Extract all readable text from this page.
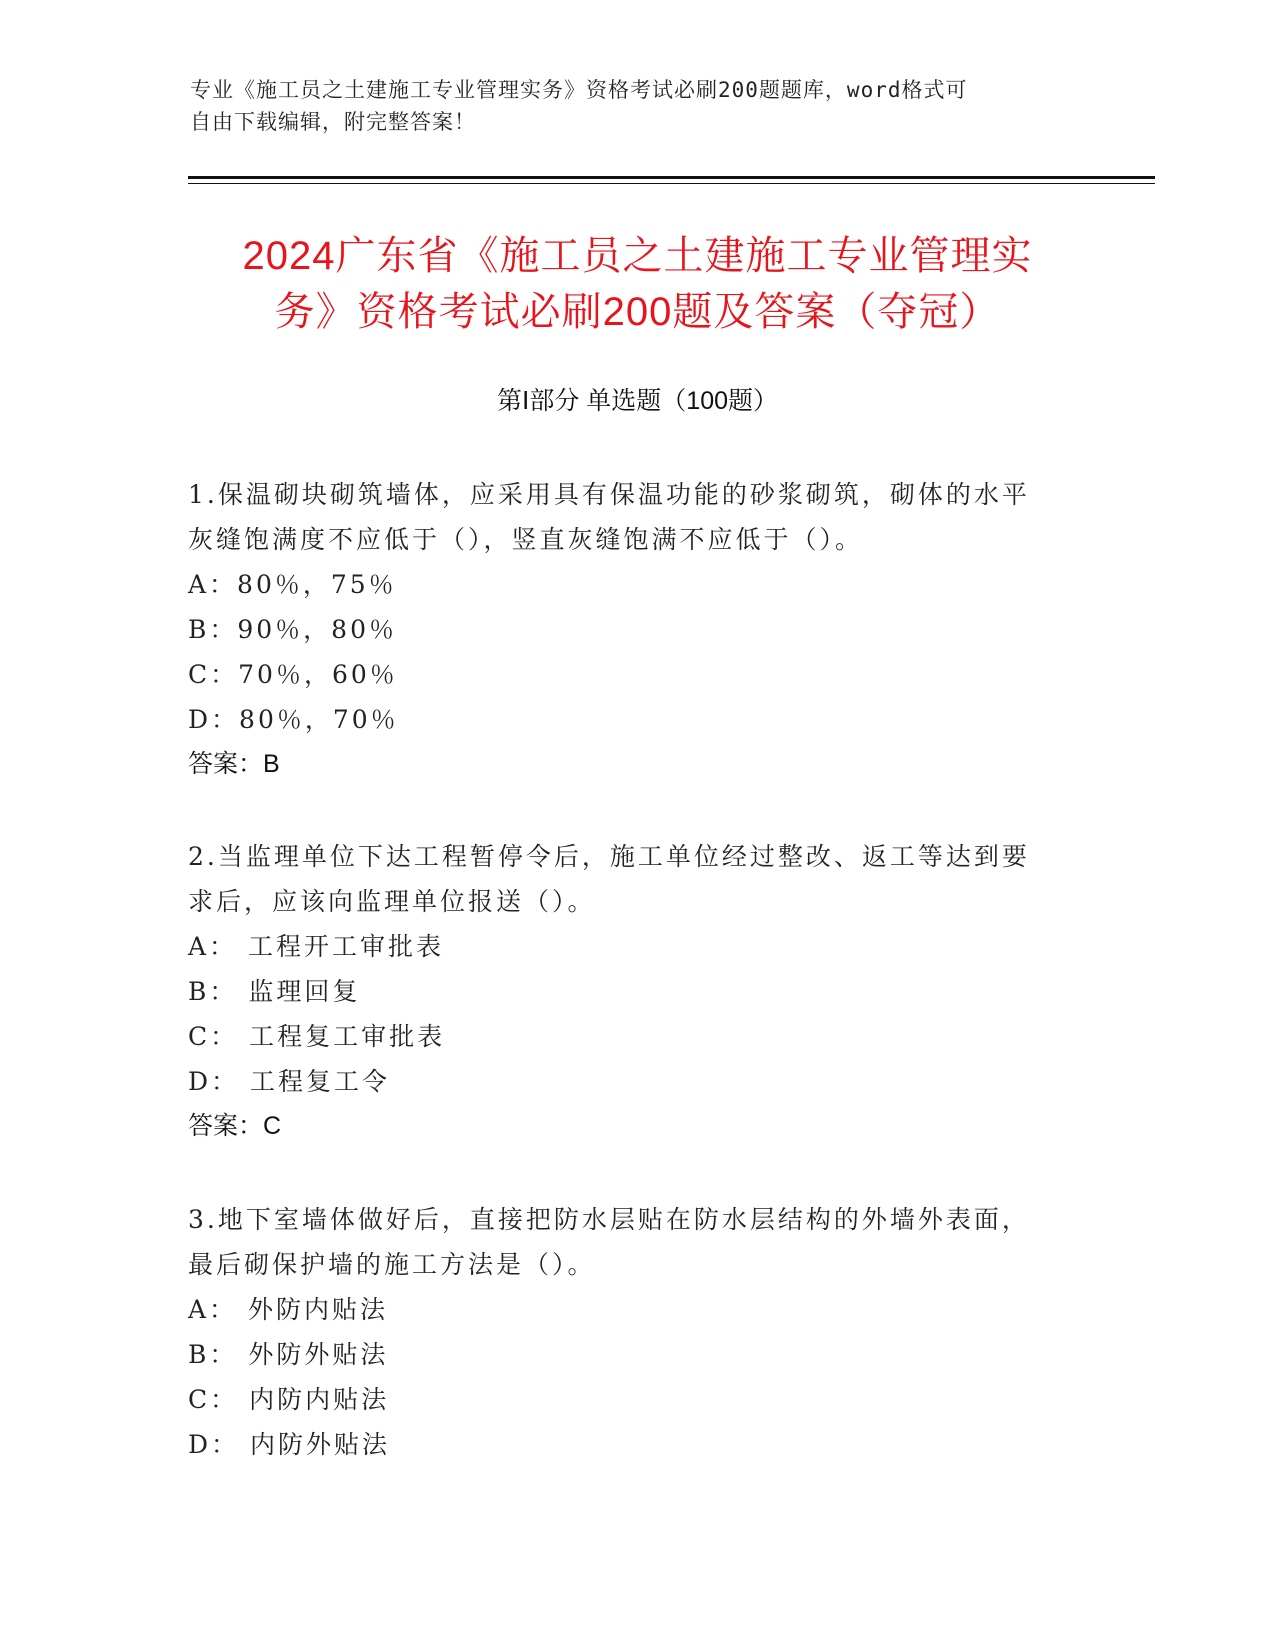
专业《施工员之土建施工专业管理实务》资格考试必刷200题题库，word格式可
自由下载编辑，附完整答案！
2024广东省《施工员之土建施工专业管理实
务》资格考试必刷200题及答案（夺冠）
第Ⅰ部分 单选题（100题）

1.保温砌块砌筑墙体，应采用具有保温功能的砂浆砌筑，砌体的水平

灰缝饱满度不应低于（），竖直灰缝饱满不应低于（）。

A：80％，75％

B：90％，80％

C：70％，60％

D：80％，70％

答案：B

2.当监理单位下达工程暂停令后，施工单位经过整改、返工等达到要

求后，应该向监理单位报送（）。

A： 工程开工审批表

B： 监理回复

C： 工程复工审批表

D： 工程复工令

答案：C

3.地下室墙体做好后，直接把防水层贴在防水层结构的外墙外表面，

最后砌保护墙的施工方法是（）。

A： 外防内贴法

B： 外防外贴法

C： 内防内贴法

D： 内防外贴法
